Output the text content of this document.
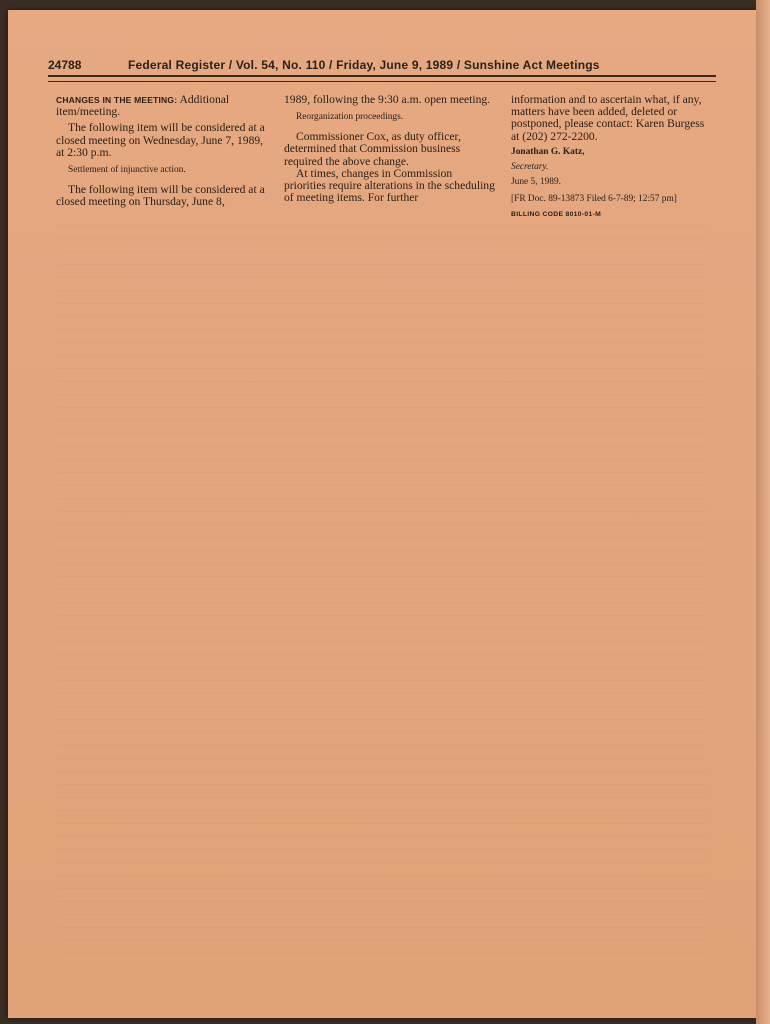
24788	Federal Register / Vol. 54, No. 110 / Friday, June 9, 1989 / Sunshine Act Meetings

CHANGES IN THE MEETING: Additional item/meeting.

The following item will be considered at a closed meeting on Wednesday, June 7, 1989, at 2:30 p.m.

Settlement of injunctive action.

The following item will be considered at a closed meeting on Thursday, June 8,

1989, following the 9:30 a.m. open meeting.

Reorganization proceedings.

Commissioner Cox, as duty officer, determined that Commission business required the above change.

At times, changes in Commission priorities require alterations in the scheduling of meeting items. For further

information and to ascertain what, if any, matters have been added, deleted or postponed, please contact: Karen Burgess at (202) 272-2200.

Jonathan G. Katz,

Secretary.

June 5, 1989.

[FR Doc. 89-13873 Filed 6-7-89; 12:57 pm]

BILLING CODE 8010-01-M
